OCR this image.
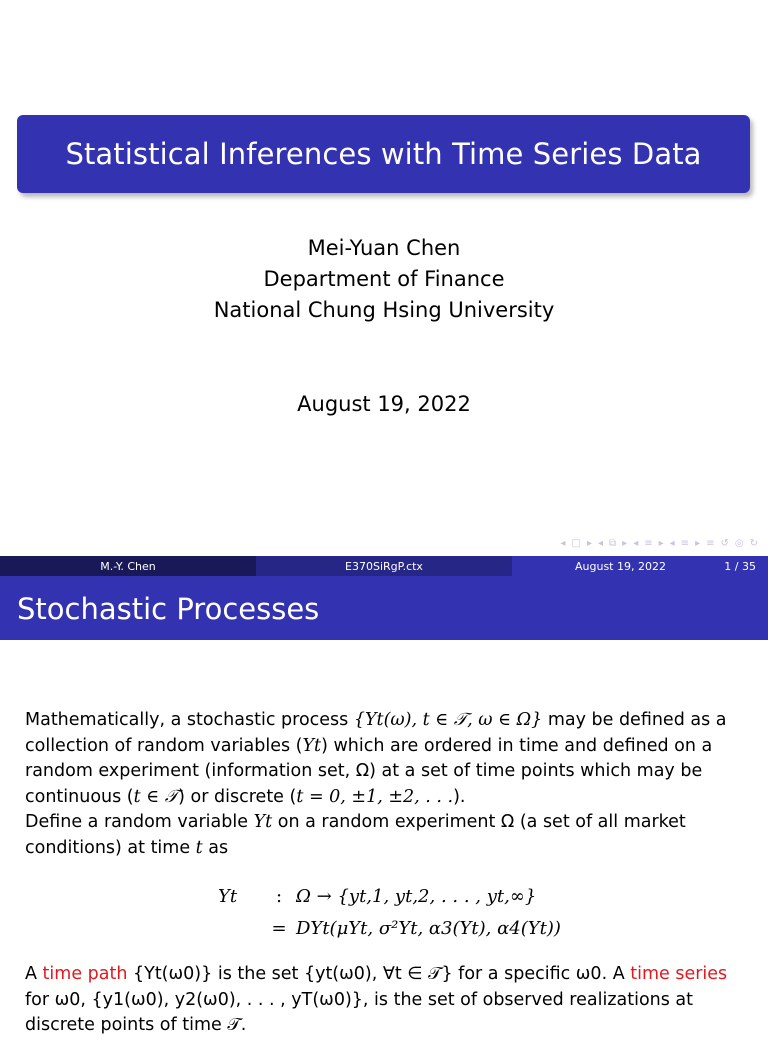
Statistical Inferences with Time Series Data
Mei-Yuan Chen
Department of Finance
National Chung Hsing University
August 19, 2022
◂ □ ▸ ◂ ⧉ ▸ ◂ ≡ ▸ ◂ ≡ ▸ ≡ ↺ ◎ ↻
M.-Y. Chen	E370SiRgP.ctx	August 19, 2022	1 / 35
Stochastic Processes
Mathematically, a stochastic process {Yt(ω), t ∈ 𝒯, ω ∈ Ω} may be defined as a collection of random variables (Yt) which are ordered in time and defined on a random experiment (information set, Ω) at a set of time points which may be continuous (t ∈ 𝒯) or discrete (t = 0, ±1, ±2, . . .).
Define a random variable Yt on a random experiment Ω (a set of all market conditions) at time t as
Yt : Ω → {yt,1, yt,2, . . . , yt,∞}
= DYt(μYt, σ²Yt, α3(Yt), α4(Yt))
A time path {Yt(ω0)} is the set {yt(ω0), ∀t ∈ 𝒯} for a specific ω0. A time series for ω0, {y1(ω0), y2(ω0), . . . , yT(ω0)}, is the set of observed realizations at discrete points of time 𝒯.
